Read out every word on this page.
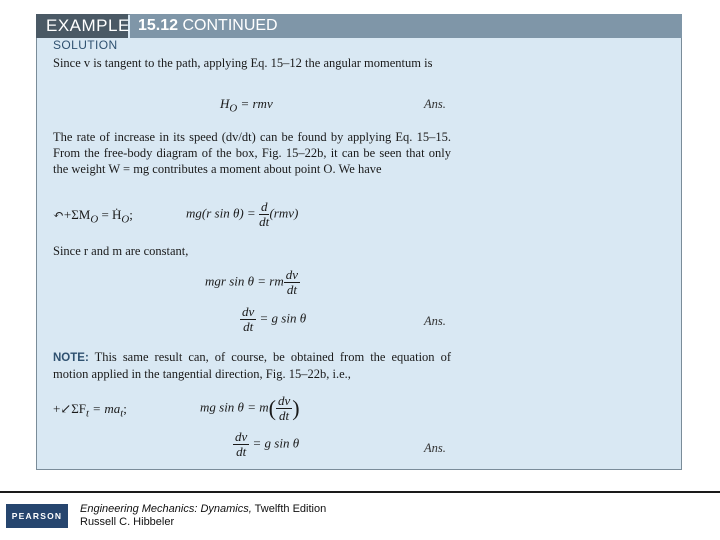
EXAMPLE 15.12 CONTINUED
SOLUTION
Since v is tangent to the path, applying Eq. 15–12 the angular momentum is
$H_O$ = rmv	Ans.
The rate of increase in its speed (dv/dt) can be found by applying Eq. 15–15. From the free-body diagram of the box, Fig. 15–22b, it can be seen that only the weight W = mg contributes a moment about point O. We have
$↶+\Sigma M_O$ = Ḣ$_O$;	mg(r $\sin \theta) = \frac{d}{dt} (rmv)$
Since r and m are constant,
mgr sin θ = rm $\frac{dv}{dt}$
$\frac{dv}{dt} = g$ sin θ	Ans.
NOTE: This same result can, of course, be obtained from the equation of motion applied in the tangential direction, Fig. 15–22b, i.e.,
$+↙\Sigma F_t = ma_t$;	mg $\sin \theta = m( \frac{dv}{dt}$ )
$\frac{dv}{dt} = g$ sin θ	Ans.
PEARSON
Engineering Mechanics: Dynamics, Twelfth Edition
Russell C. Hibbeler
